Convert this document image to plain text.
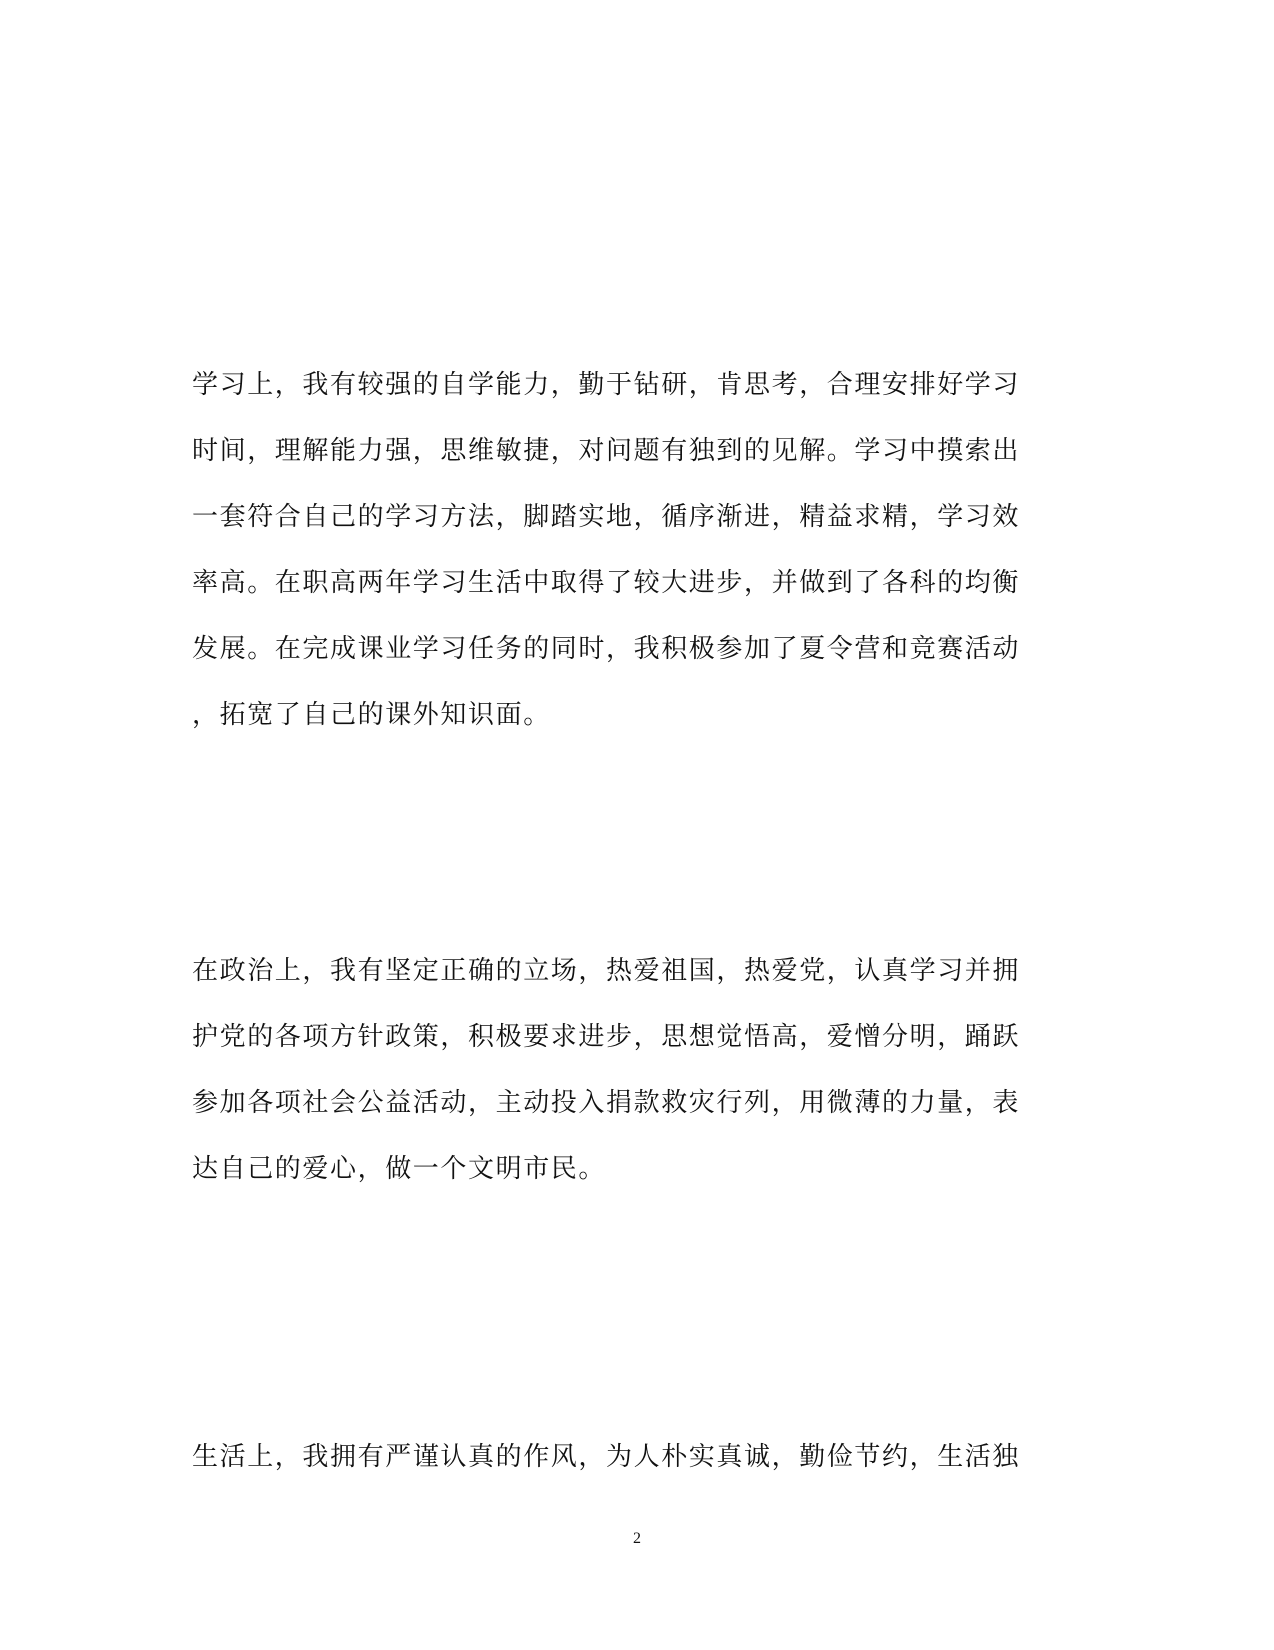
学习上，我有较强的自学能力，勤于钻研，肯思考，合理安排好学习
时间，理解能力强，思维敏捷，对问题有独到的见解。学习中摸索出
一套符合自己的学习方法，脚踏实地，循序渐进，精益求精，学习效
率高。在职高两年学习生活中取得了较大进步，并做到了各科的均衡
发展。在完成课业学习任务的同时，我积极参加了夏令营和竞赛活动
，拓宽了自己的课外知识面。
在政治上，我有坚定正确的立场，热爱祖国，热爱党，认真学习并拥
护党的各项方针政策，积极要求进步，思想觉悟高，爱憎分明，踊跃
参加各项社会公益活动，主动投入捐款救灾行列，用微薄的力量，表
达自己的爱心，做一个文明市民。
生活上，我拥有严谨认真的作风，为人朴实真诚，勤俭节约，生活独
2
